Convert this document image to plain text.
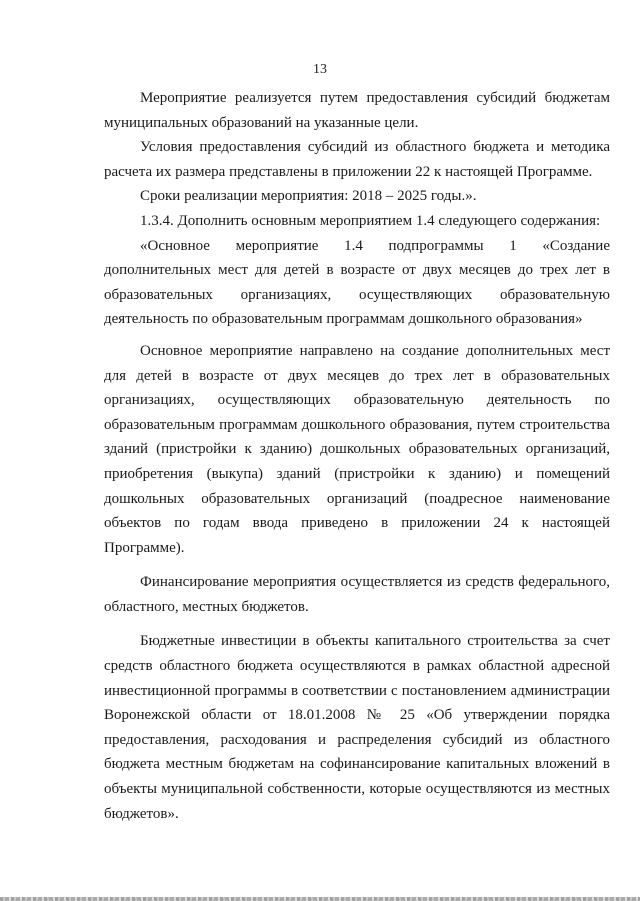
13

Мероприятие реализуется путем предоставления субсидий бюджетам муниципальных образований на указанные цели.

Условия предоставления субсидий из областного бюджета и методика расчета их размера представлены в приложении 22 к настоящей Программе.

Сроки реализации мероприятия: 2018 – 2025 годы.».

1.3.4. Дополнить основным мероприятием 1.4 следующего содержания:

«Основное мероприятие 1.4 подпрограммы 1 «Создание дополнительных мест для детей в возрасте от двух месяцев до трех лет в образовательных организациях, осуществляющих образовательную деятельность по образовательным программам дошкольного образования»

Основное мероприятие направлено на создание дополнительных мест для детей в возрасте от двух месяцев до трех лет в образовательных организациях, осуществляющих образовательную деятельность по образовательным программам дошкольного образования, путем строительства зданий (пристройки к зданию) дошкольных образовательных организаций, приобретения (выкупа) зданий (пристройки к зданию) и помещений дошкольных образовательных организаций (поадресное наименование объектов по годам ввода приведено в приложении 24 к настоящей Программе).

Финансирование мероприятия осуществляется из средств федерального, областного, местных бюджетов.

Бюджетные инвестиции в объекты капитального строительства за счет средств областного бюджета осуществляются в рамках областной адресной инвестиционной программы в соответствии с постановлением администрации Воронежской области от 18.01.2008 № 25 «Об утверждении порядка предоставления, расходования и распределения субсидий из областного бюджета местным бюджетам на софинансирование капитальных вложений в объекты муниципальной собственности, которые осуществляются из местных бюджетов».
